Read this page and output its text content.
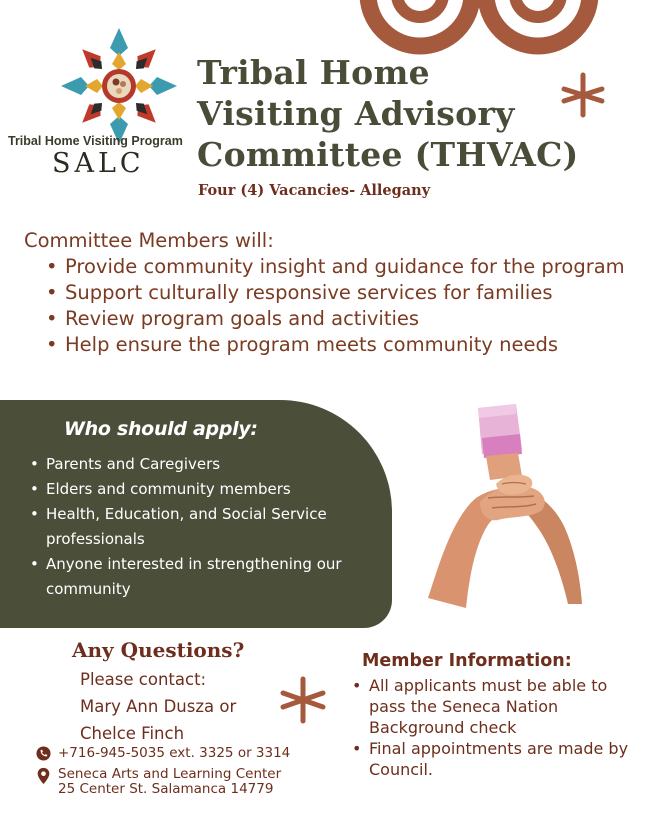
Tribal Home Visiting Program
SALC
Tribal Home
Visiting Advisory
Committee (THVAC)
Four (4) Vacancies- Allegany
Committee Members will:
• Provide community insight and guidance for the program
• Support culturally responsive services for families
• Review program goals and activities
• Help ensure the program meets community needs
Who should apply:
• Parents and Caregivers
• Elders and community members
• Health, Education, and Social Service professionals
• Anyone interested in strengthening our community
Any Questions?
Please contact:
Mary Ann Dusza or
Chelce Finch
+716-945-5035 ext. 3325 or 3314
Seneca Arts and Learning Center
25 Center St. Salamanca 14779
Member Information:
• All applicants must be able to pass the Seneca Nation Background check
• Final appointments are made by Council.
